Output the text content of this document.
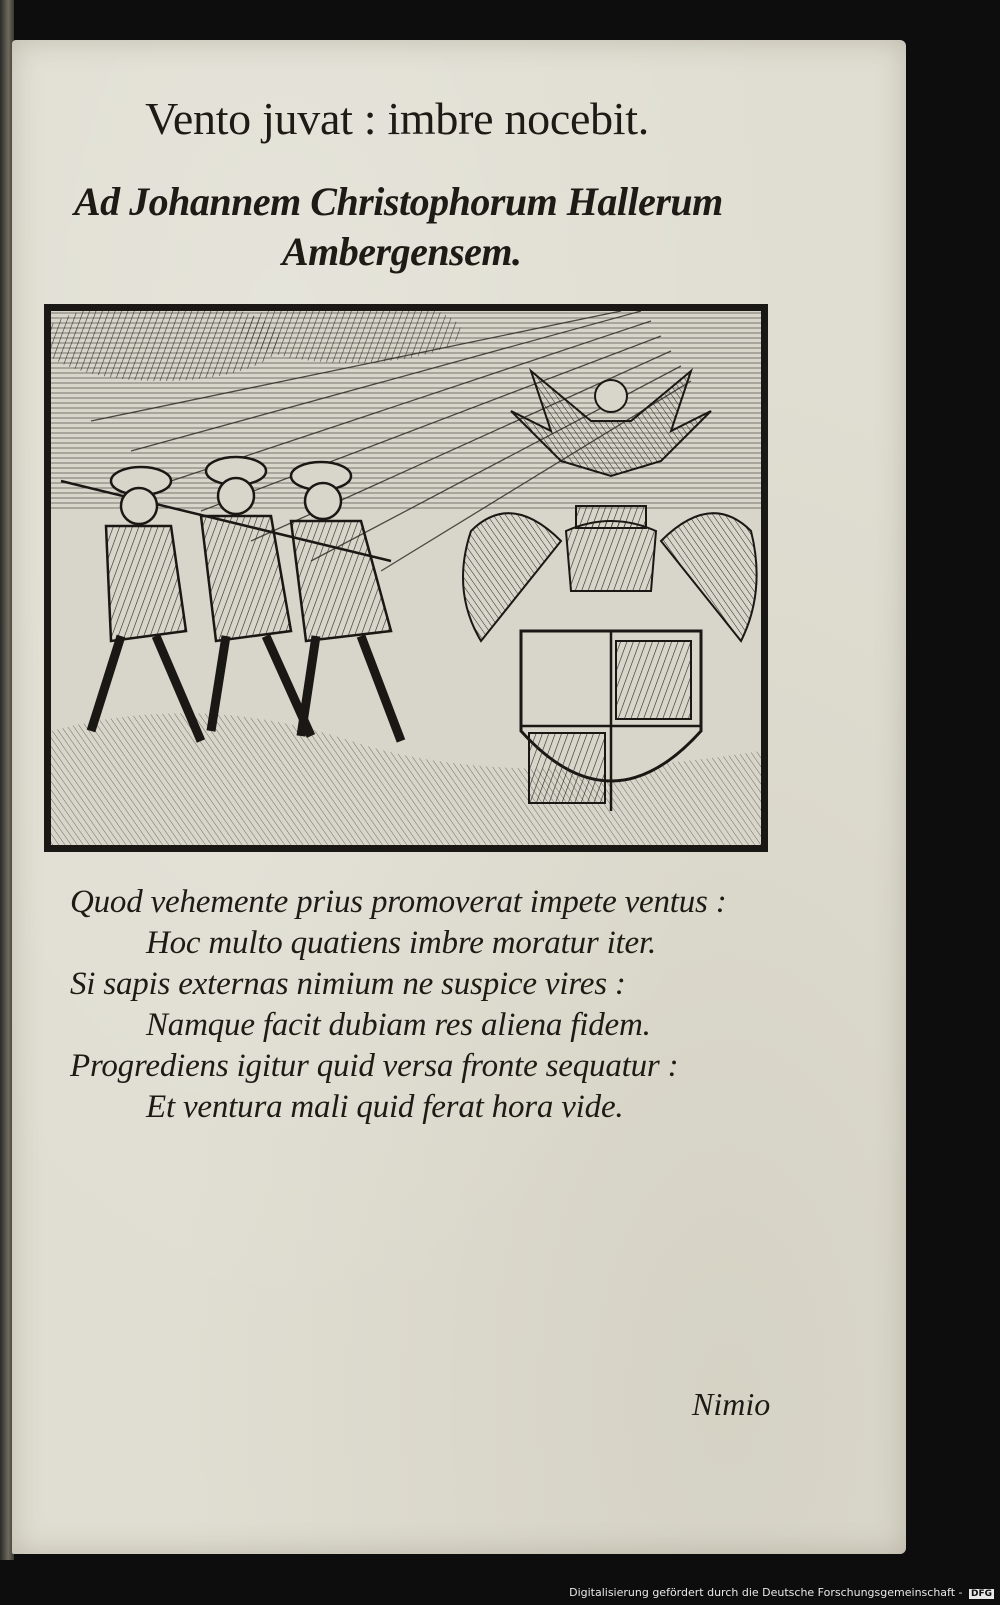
Vento juvat : imbre nocebit.
Ad Johannem Christophorum Hallerum
Ambergensem.
Quod vehemente prius promoverat impete ventus :
Hoc multo quatiens imbre moratur iter.
Si sapis externas nimium ne suspice vires :
Namque facit dubiam res aliena fidem.
Progrediens igitur quid versa fronte sequatur :
Et ventura mali quid ferat hora vide.
Nimio
Digitalisierung gefördert durch die Deutsche Forschungsgemeinschaft - DFG
